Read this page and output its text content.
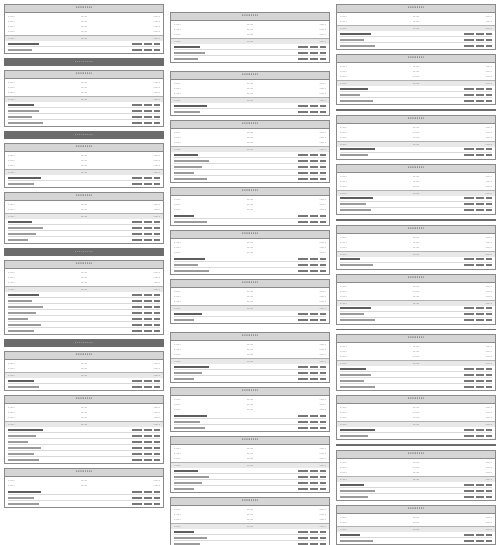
·········
·····	·····	·····
·····	·····	·····
·····	·····	·····
·····	·····	·····
·····	·····	·····
·········
·········
·····	·····	·····
·····	·····	·····
·····	·····	·····
·····	·····	·····
·········
·········
·····	·····	·····
·····	·····	·····
·····	·····	·····
·····	·····	·····
·········
·····	·····	·····
·····	·····	·····
·····	·····	·····
·········
·········
·····	·····	·····
·····	·····	·····
·····	·····	·····
·····	·····	·····
·········
·········
·····	·····	·····
·····	·····	·····
·····	·····	·····
·········
·····	·····	·····
·····	·····	·····
·····	·····	·····
·····	·····	·····
·········
·····	·····	·····
·····	·····	·····
·········
·····	·····	·····
·····	·····	·····
·····	·····	·····
·····	·····	·····
·········
·····	·····	·····
·····	·····	·····
·····	·····	·····
·····	·····	·····
·········
·····	·····	·····
·····	·····	·····
·····	·····	·····
·····	·····	·····
·········
·····	·····	·····
·····	·····	·····
·····	·····	·····
·········
·····	·····	·····
·····	·····	·····
·····	·····	·····
·········
·····	·····	·····
·····	·····	·····
·····	·····	·····
·····	·····	·····
·········
·····	·····	·····
·····	·····	·····
·····	·····	·····
·····	·····	·····
·········
·····	·····	·····
·····	·····	·····
·····	·····	·····
·········
·····	·····	·····
·····	·····	·····
·····	·····	·····
·····	·····	·····
·········
·····	·····	·····
·····	·····	·····
·····	·····	·····
·····	·····	·····
·········
·····	·····	·····
·····	·····	·····
·····	·····	·····
·········
·····	·····	·····
·····	·····	·····
·····	·····	·····
·····	·····	·····
·········
·····	·····	·····
·····	·····	·····
·····	·····	·····
·····	·····	·····
·········
·····	·····	·····
·····	·····	·····
·····	·····	·····
·····	·····	·····
·········
·····	·····	·····
·····	·····	·····
·····	·····	·····
·····	·····	·····
·········
·····	·····	·····
·····	·····	·····
·····	·····	·····
·····	·····	·····
·········
·····	·····	·····
·····	·····	·····
·····	·····	·····
·····	·····	·····
·········
·····	·····	·····
·····	·····	·····
·····	·····	·····
·····	·····	·····
·········
·····	·····	·····
·····	·····	·····
·····	·····	·····
·····	·····	·····
·········
·····	·····	·····
·····	·····	·····
·····	·····	·····
